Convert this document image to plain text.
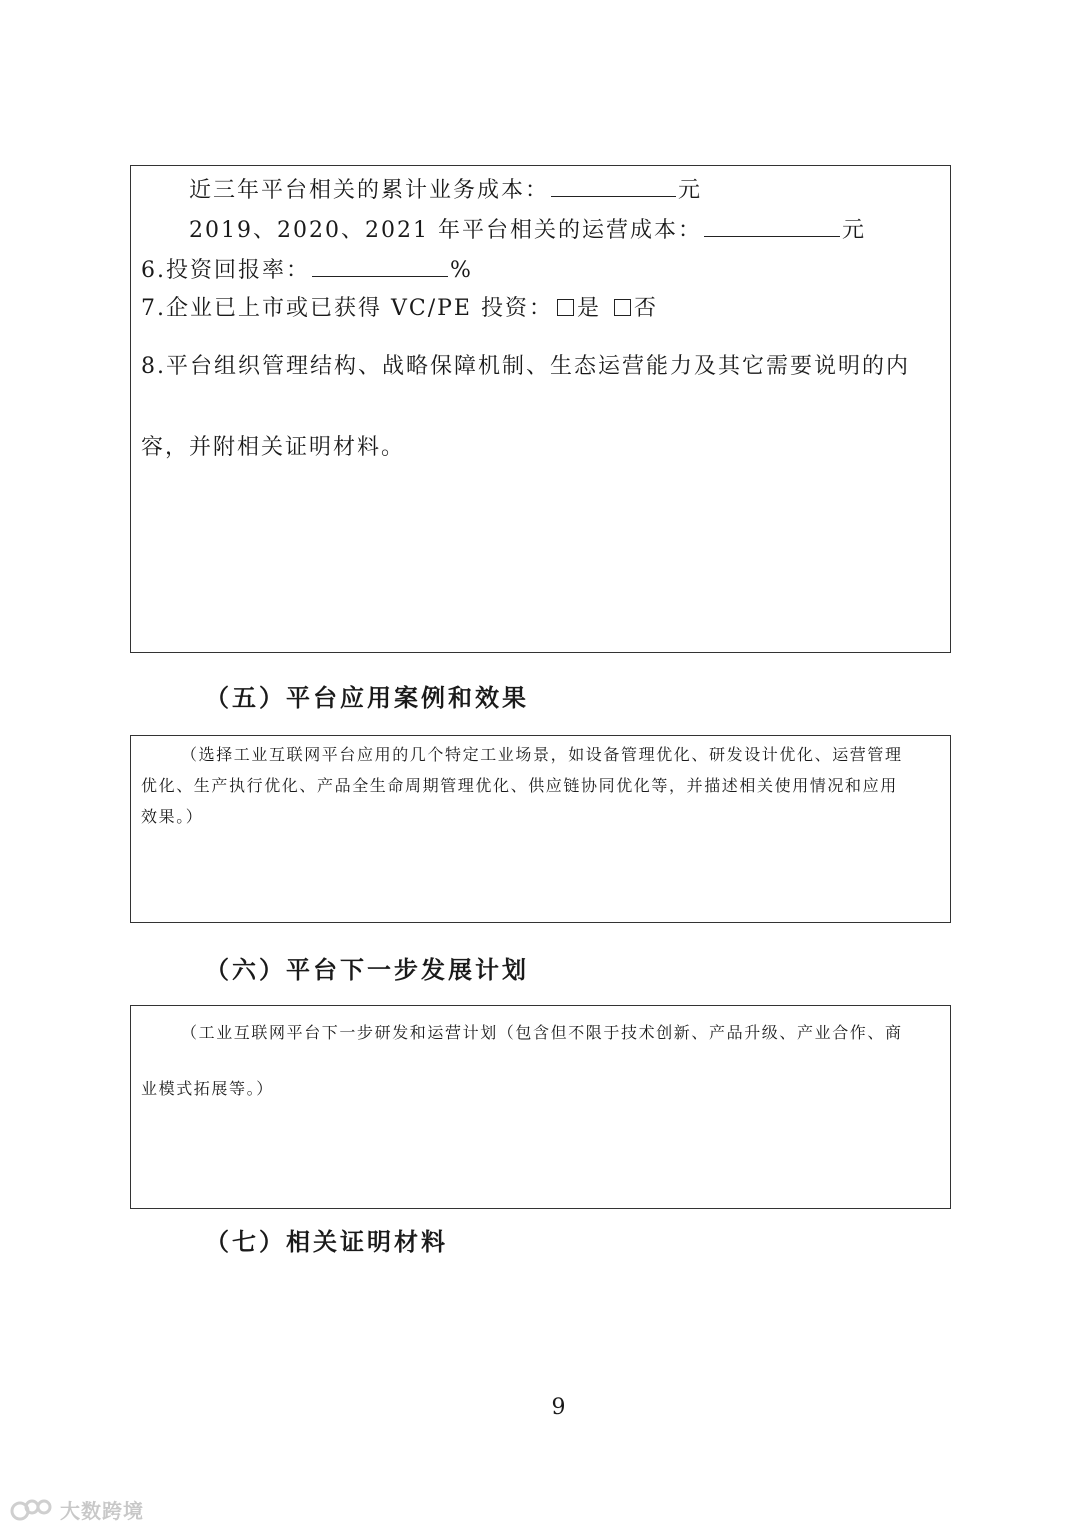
近三年平台相关的累计业务成本：	元
2019、2020、2021 年平台相关的运营成本：	元
6.投资回报率：	%
7.企业已上市或已获得 VC/PE 投资： 是 否
8.平台组织管理结构、战略保障机制、生态运营能力及其它需要说明的内
容，并附相关证明材料。
（五）平台应用案例和效果
（选择工业互联网平台应用的几个特定工业场景，如设备管理优化、研发设计优化、运营管理
优化、生产执行优化、产品全生命周期管理优化、供应链协同优化等，并描述相关使用情况和应用
效果。）
（六）平台下一步发展计划
（工业互联网平台下一步研发和运营计划（包含但不限于技术创新、产品升级、产业合作、商
业模式拓展等。）
（七）相关证明材料
9
大数跨境
